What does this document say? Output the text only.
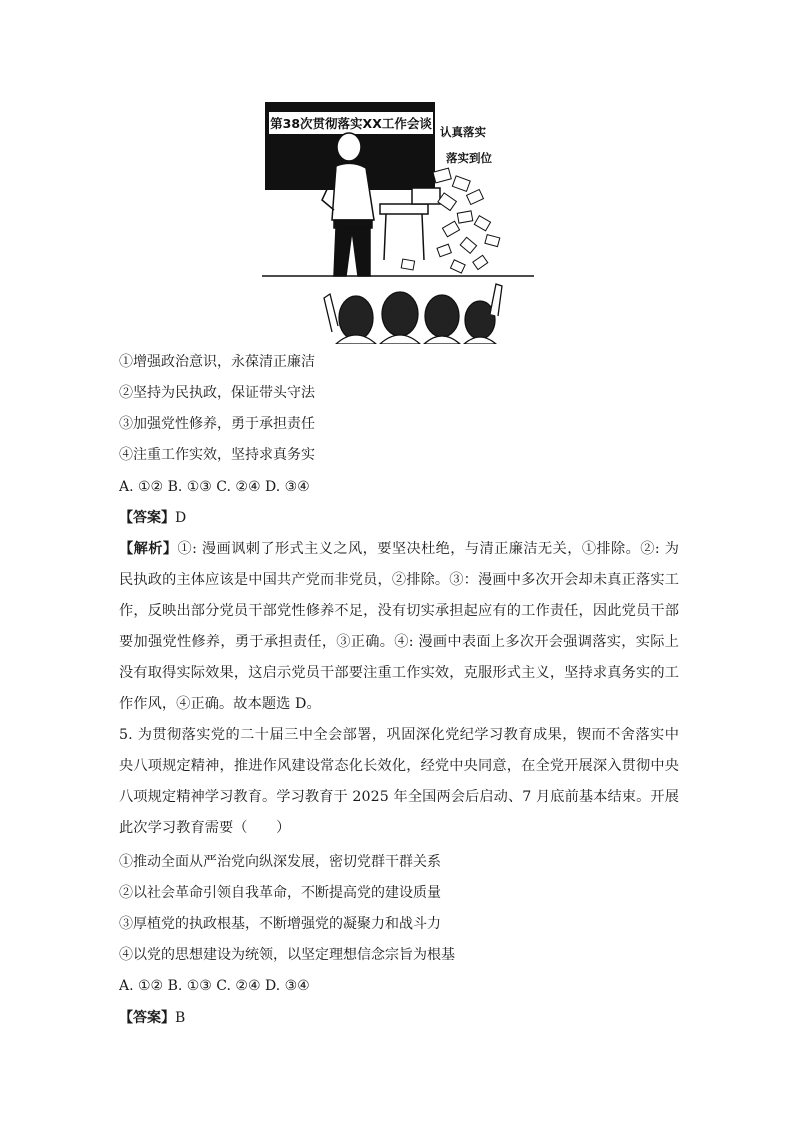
第38次贯彻落实XX工作会谈
认真落实
落实到位
①增强政治意识，永葆清正廉洁
②坚持为民执政，保证带头守法
③加强党性修养，勇于承担责任
④注重工作实效，坚持求真务实
A. ①② B. ①③ C. ②④ D. ③④
【答案】D
【解析】①: 漫画讽刺了形式主义之风，要坚决杜绝，与清正廉洁无关，①排除。②: 为民执政的主体应该是中国共产党而非党员，②排除。③：漫画中多次开会却未真正落实工作，反映出部分党员干部党性修养不足，没有切实承担起应有的工作责任，因此党员干部要加强党性修养，勇于承担责任，③正确。④: 漫画中表面上多次开会强调落实，实际上没有取得实际效果，这启示党员干部要注重工作实效，克服形式主义，坚持求真务实的工作作风，④正确。故本题选 D。
5. 为贯彻落实党的二十届三中全会部署，巩固深化党纪学习教育成果，锲而不舍落实中央八项规定精神，推进作风建设常态化长效化，经党中央同意，在全党开展深入贯彻中央八项规定精神学习教育。学习教育于 2025 年全国两会后启动、7 月底前基本结束。开展此次学习教育需要（　　）
①推动全面从严治党向纵深发展，密切党群干群关系
②以社会革命引领自我革命，不断提高党的建设质量
③厚植党的执政根基，不断增强党的凝聚力和战斗力
④以党的思想建设为统领，以坚定理想信念宗旨为根基
A. ①② B. ①③ C. ②④ D. ③④
【答案】B
